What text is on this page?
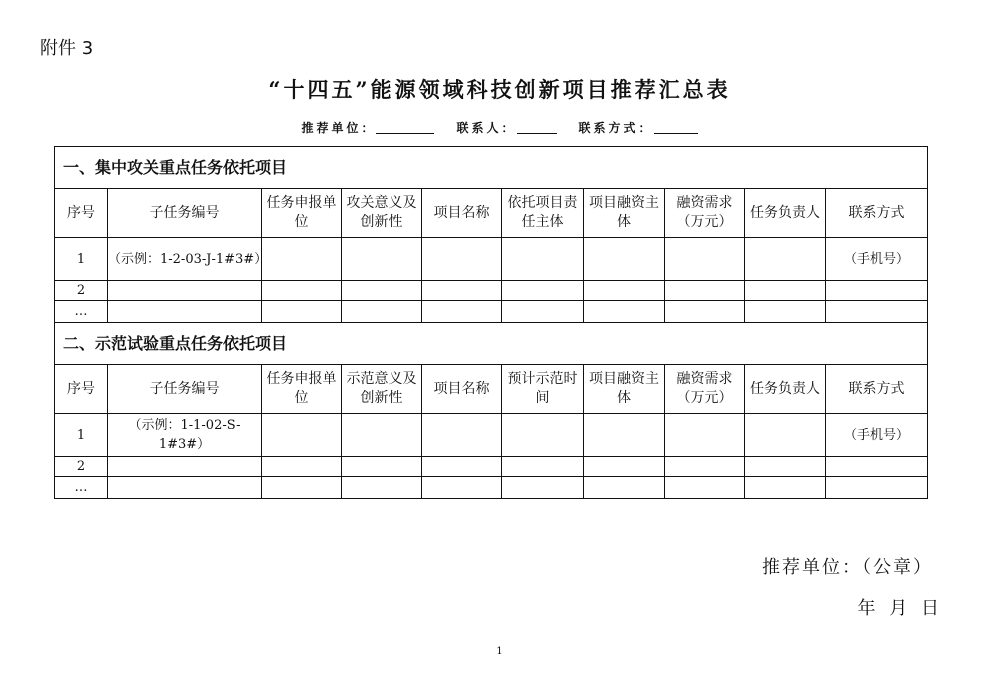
附件 3
“十四五”能源领域科技创新项目推荐汇总表
推荐单位：	联系人：	联系方式：
一、集中攻关重点任务依托项目									
序号	子任务编号	任务申报单位	攻关意义及创新性	项目名称	依托项目责任主体	项目融资主体	融资需求（万元）	任务负责人	联系方式
1	（示例：1-2-03-J-1#3#）								（手机号）
2									
…									
二、示范试验重点任务依托项目									
序号	子任务编号	任务申报单位	示范意义及创新性	项目名称	预计示范时间	项目融资主体	融资需求（万元）	任务负责人	联系方式
1	（示例：1-1-02-S-1#3#）								（手机号）
2									
…									
推荐单位：（公章）
年 月 日
1
